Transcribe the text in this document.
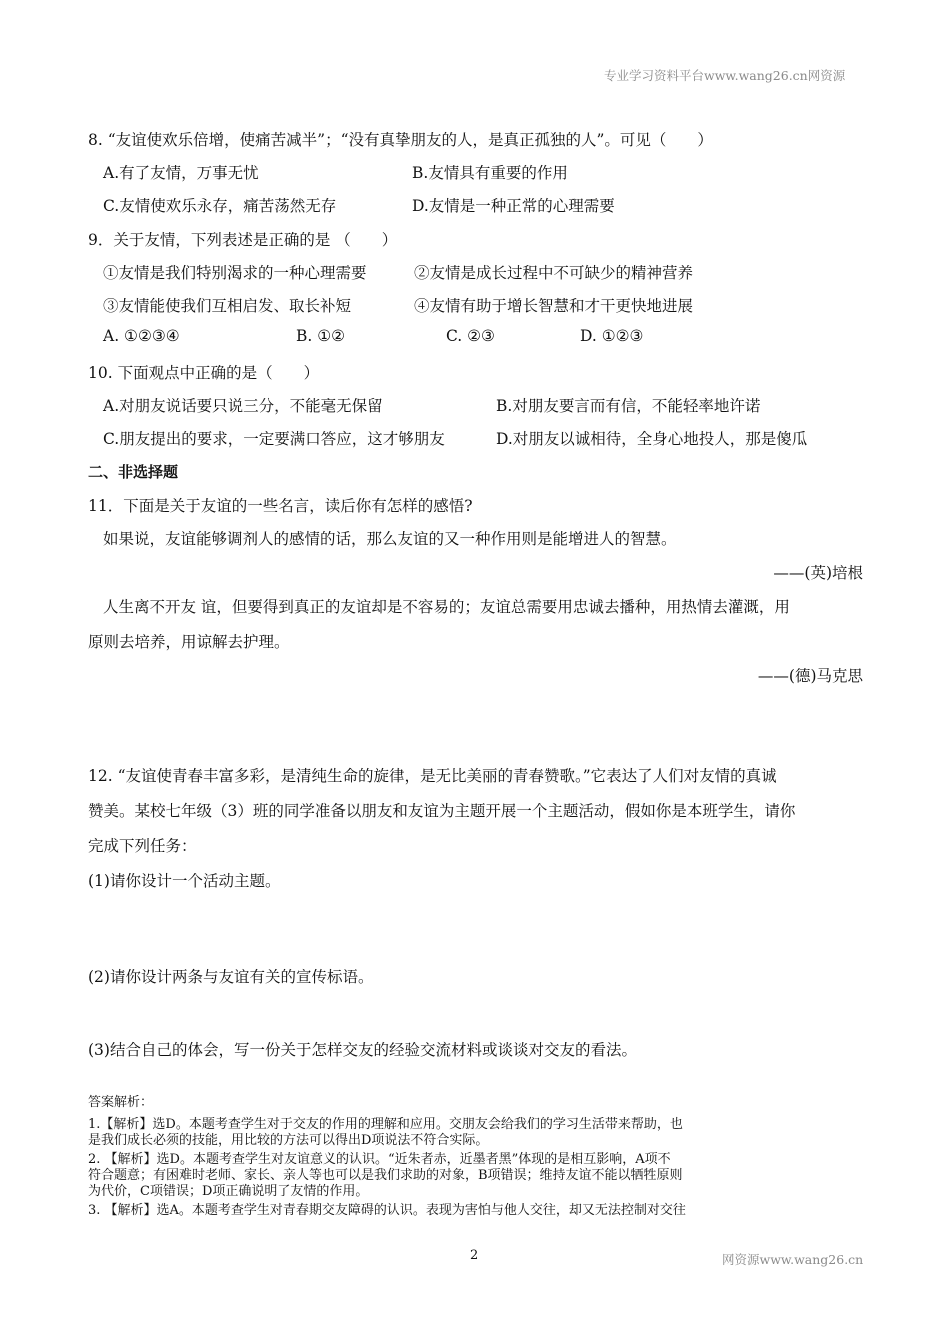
专业学习资料平台www.wang26.cn网资源
8. “友谊使欢乐倍增，使痛苦减半”；“没有真挚朋友的人，是真正孤独的人”。可见（　　）
A.有了友情，万事无忧	B.友情具有重要的作用
C.友情使欢乐永存，痛苦荡然无存	D.友情是一种正常的心理需要
9．关于友情，下列表述是正确的是 （　　）
①友情是我们特别渴求的一种心理需要	②友情是成长过程中不可缺少的精神营养
③友情能使我们互相启发、取长补短	④友情有助于增长智慧和才干更快地进展
A. ①②③④	B. ①②	C. ②③	D. ①②③
10. 下面观点中正确的是（　　）
A.对朋友说话要只说三分，不能毫无保留	B.对朋友要言而有信，不能轻率地许诺
C.朋友提出的要求，一定要满口答应，这才够朋友	D.对朋友以诚相待，全身心地投人，那是傻瓜
二、非选择题
11．下面是关于友谊的一些名言，读后你有怎样的感悟?
如果说，友谊能够调剂人的感情的话，那么友谊的又一种作用则是能增进人的智慧。
——(英)培根
人生离不开友 谊，但要得到真正的友谊却是不容易的；友谊总需要用忠诚去播种，用热情去灌溉，用
原则去培养，用谅解去护理。
——(德)马克思
12. “友谊使青春丰富多彩，是清纯生命的旋律，是无比美丽的青春赞歌。”它表达了人们对友情的真诚
赞美。某校七年级（3）班的同学准备以朋友和友谊为主题开展一个主题活动，假如你是本班学生，请你
完成下列任务：
(1)请你设计一个活动主题。
(2)请你设计两条与友谊有关的宣传标语。
(3)结合自己的体会，写一份关于怎样交友的经验交流材料或谈谈对交友的看法。
答案解析：
1.【解析】选D。本题考查学生对于交友的作用的理解和应用。交朋友会给我们的学习生活带来帮助，也
是我们成长必须的技能，用比较的方法可以得出D项说法不符合实际。
2. 【解析】选D。本题考查学生对友谊意义的认识。“近朱者赤，近墨者黑”体现的是相互影响，A项不
符合题意；有困难时老师、家长、亲人等也可以是我们求助的对象，B项错误；维持友谊不能以牺牲原则
为代价，C项错误；D项正确说明了友情的作用。
3. 【解析】选A。本题考查学生对青春期交友障碍的认识。表现为害怕与他人交往，却又无法控制对交往
2	网资源www.wang26.cn
